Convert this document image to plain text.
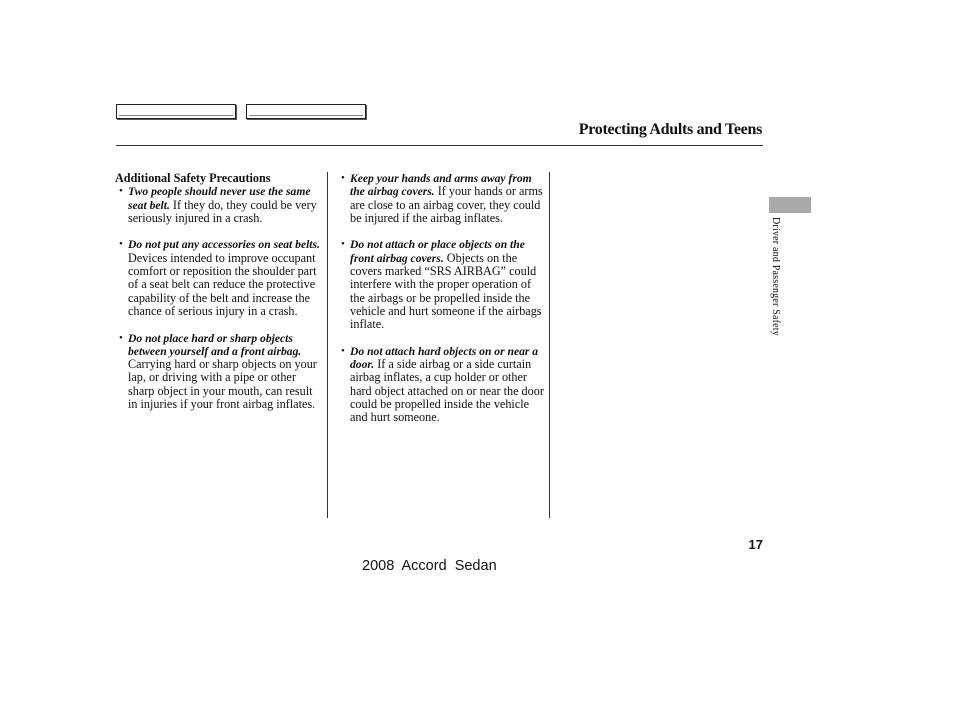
Protecting Adults and Teens

Additional Safety Precautions

• Two people should never use the same seat belt. If they do, they could be very seriously injured in a crash.

• Do not put any accessories on seat belts. Devices intended to improve occupant comfort or reposition the shoulder part of a seat belt can reduce the protective capability of the belt and increase the chance of serious injury in a crash.

• Do not place hard or sharp objects between yourself and a front airbag. Carrying hard or sharp objects on your lap, or driving with a pipe or other sharp object in your mouth, can result in injuries if your front airbag inflates.

• Keep your hands and arms away from the airbag covers. If your hands or arms are close to an airbag cover, they could be injured if the airbag inflates.

• Do not attach or place objects on the front airbag covers. Objects on the covers marked “SRS AIRBAG” could interfere with the proper operation of the airbags or be propelled inside the vehicle and hurt someone if the airbags inflate.

• Do not attach hard objects on or near a door. If a side airbag or a side curtain airbag inflates, a cup holder or other hard object attached on or near the door could be propelled inside the vehicle and hurt someone.

Driver and Passenger Safety
17
2008  Accord  Sedan
